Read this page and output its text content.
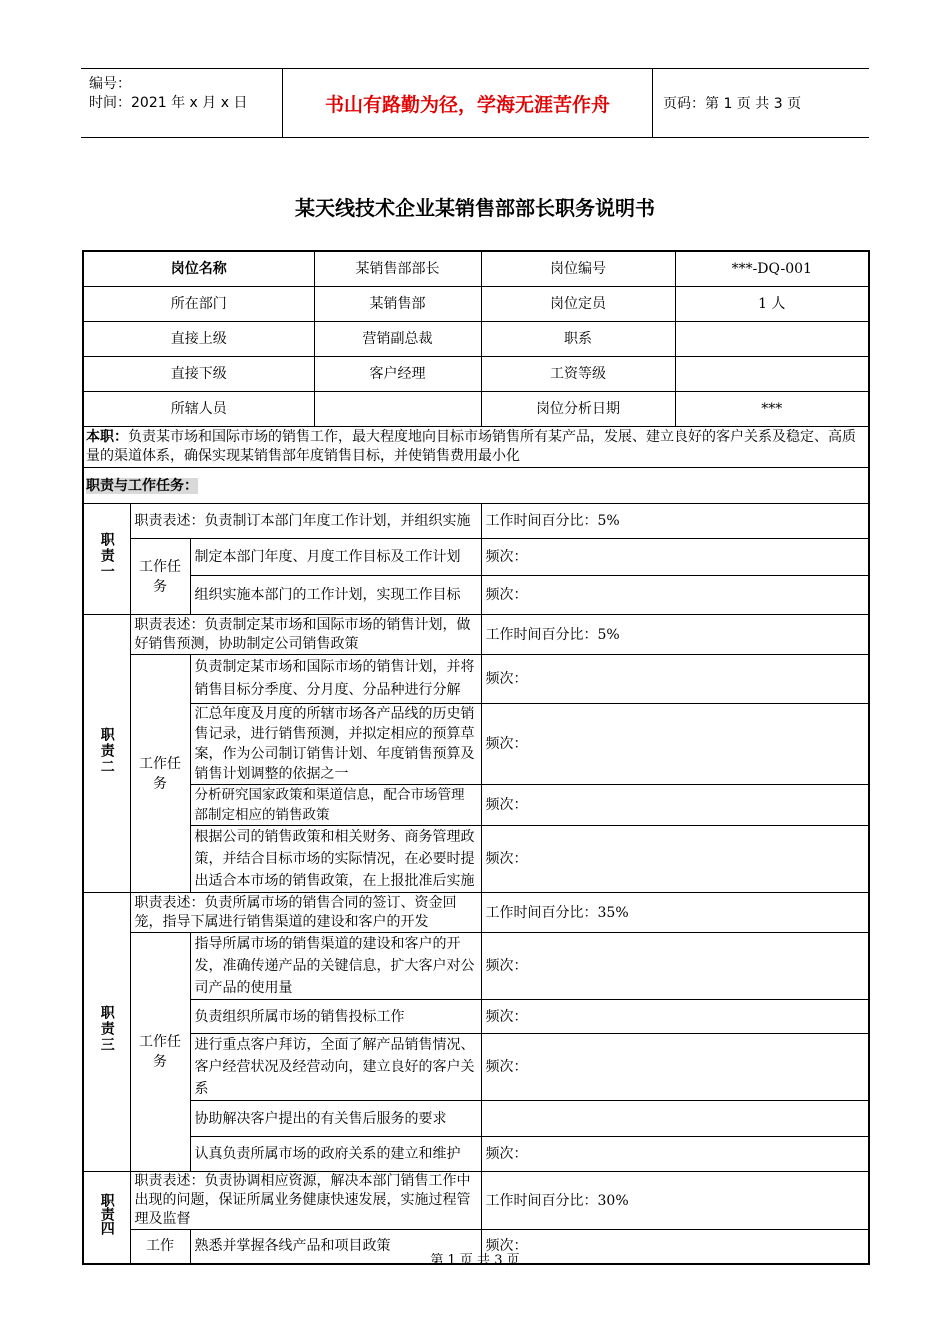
编号：
时间：2021 年 x 月 x 日	书山有路勤为径，学海无涯苦作舟	页码：第 1 页 共 3 页
某天线技术企业某销售部部长职务说明书
岗位名称			某销售部部长	岗位编号	***-DQ-001
所在部门			某销售部	岗位定员	1 人
直接上级			营销副总裁	职系	
直接下级			客户经理	工资等级	
所辖人员				岗位分析日期	***
本职：负责某市场和国际市场的销售工作，最大程度地向目标市场销售所有某产品，发展、建立良好的客户关系及稳定、高质量的渠道体系，确保实现某销售部年度销售目标，并使销售费用最小化					
职责与工作任务：					
职责一	职责表述：负责制订本部门年度工作计划，并组织实施			工作时间百分比：5%	
	工作任务	制定本部门年度、月度工作目标及工作计划		频次：	
		组织实施本部门的工作计划，实现工作目标		频次：	
职责二	职责表述：负责制定某市场和国际市场的销售计划，做好销售预测，协助制定公司销售政策			工作时间百分比：5%	
	工作任务	负责制定某市场和国际市场的销售计划，并将销售目标分季度、分月度、分品种进行分解		频次：	
		汇总年度及月度的所辖市场各产品线的历史销售记录，进行销售预测，并拟定相应的预算草案，作为公司制订销售计划、年度销售预算及销售计划调整的依据之一		频次：	
		分析研究国家政策和渠道信息，配合市场管理部制定相应的销售政策		频次：	
		根据公司的销售政策和相关财务、商务管理政策，并结合目标市场的实际情况，在必要时提出适合本市场的销售政策，在上报批准后实施		频次：	
职责三	职责表述：负责所属市场的销售合同的签订、资金回笼，指导下属进行销售渠道的建设和客户的开发			工作时间百分比：35%	
	工作任务	指导所属市场的销售渠道的建设和客户的开发，准确传递产品的关键信息，扩大客户对公司产品的使用量		频次：	
		负责组织所属市场的销售投标工作		频次：	
		进行重点客户拜访，全面了解产品销售情况、客户经营状况及经营动向，建立良好的客户关系		频次：	
		协助解决客户提出的有关售后服务的要求			
		认真负责所属市场的政府关系的建立和维护		频次：	
职责四	职责表述：负责协调相应资源，解决本部门销售工作中出现的问题，保证所属业务健康快速发展，实施过程管理及监督			工作时间百分比：30%	
	工作	熟悉并掌握各线产品和项目政策		频次：	
第 1 页 共 3 页
